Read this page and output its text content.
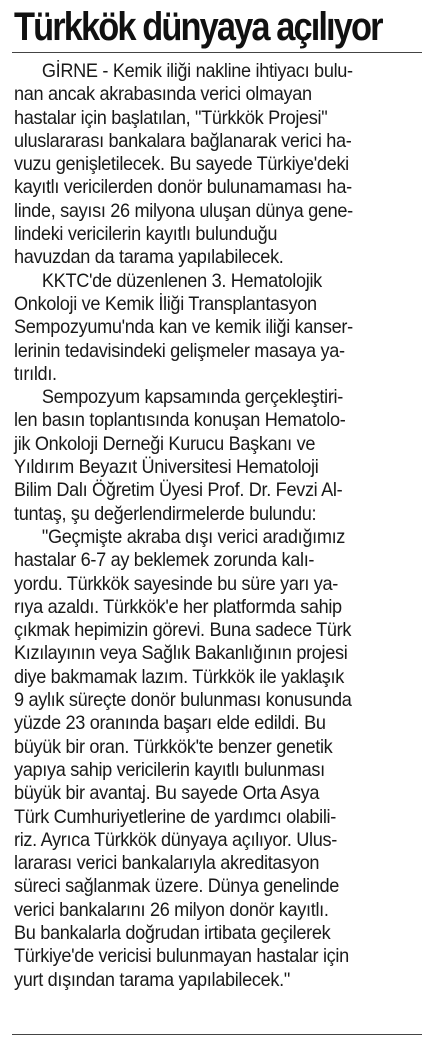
Türkkök dünyaya açılıyor
GİRNE - Kemik iliği nakline ihtiyacı bulu-
nan ancak akrabasında verici olmayan
hastalar için başlatılan, "Türkkök Projesi"
uluslararası bankalara bağlanarak verici ha-
vuzu genişletilecek. Bu sayede Türkiye'deki
kayıtlı vericilerden donör bulunamaması ha-
linde, sayısı 26 milyona uluşan dünya gene-
lindeki vericilerin kayıtlı bulunduğu
havuzdan da tarama yapılabilecek.
KKTC'de düzenlenen 3. Hematolojik
Onkoloji ve Kemik İliği Transplantasyon
Sempozyumu'nda kan ve kemik iliği kanser-
lerinin tedavisindeki gelişmeler masaya ya-
tırıldı.
Sempozyum kapsamında gerçekleştiri-
len basın toplantısında konuşan Hematolo-
jik Onkoloji Derneği Kurucu Başkanı ve
Yıldırım Beyazıt Üniversitesi Hematoloji
Bilim Dalı Öğretim Üyesi Prof. Dr. Fevzi Al-
tuntaş, şu değerlendirmelerde bulundu:
"Geçmişte akraba dışı verici aradığımız
hastalar 6-7 ay beklemek zorunda kalı-
yordu. Türkkök sayesinde bu süre yarı ya-
rıya azaldı. Türkkök'e her platformda sahip
çıkmak hepimizin görevi. Buna sadece Türk
Kızılayının veya Sağlık Bakanlığının projesi
diye bakmamak lazım. Türkkök ile yaklaşık
9 aylık süreçte donör bulunması konusunda
yüzde 23 oranında başarı elde edildi. Bu
büyük bir oran. Türkkök'te benzer genetik
yapıya sahip vericilerin kayıtlı bulunması
büyük bir avantaj. Bu sayede Orta Asya
Türk Cumhuriyetlerine de yardımcı olabili-
riz. Ayrıca Türkkök dünyaya açılıyor. Ulus-
lararası verici bankalarıyla akreditasyon
süreci sağlanmak üzere. Dünya genelinde
verici bankalarını 26 milyon donör kayıtlı.
Bu bankalarla doğrudan irtibata geçilerek
Türkiye'de vericisi bulunmayan hastalar için
yurt dışından tarama yapılabilecek."
